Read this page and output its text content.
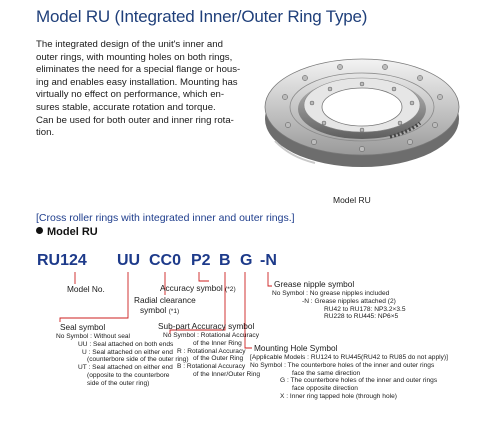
Model RU (Integrated Inner/Outer Ring Type)

The integrated design of the unit's inner and

outer rings, with mounting holes on both rings,

eliminates the need for a special flange or hous-

ing and enables easy installation. Mounting has

virtually no effect on performance, which en-

sures stable, accurate rotation and torque.

Can be used for both outer and inner ring rota-

tion.

Model RU
[Cross roller rings with integrated inner and outer rings.]
Model RU
RU124 UU CC0 P2 B G -N
Model No.	Accuracy symbol (*2)
Radial clearance
symbol (*1)
Seal symbol
No Symbol : Without seal
UU : Seal attached on both ends
U : Seal attached on either end
(counterbore side of the outer ring)
UT : Seal attached on either end
(opposite to the counterbore
side of the outer ring)
Sub-part Accuracy symbol
No Symbol : Rotational Accuracy
of the Inner Ring
R : Rotational Accuracy
of the Outer Ring
B : Rotational Accuracy
of the Inner/Outer Ring
Grease nipple symbol
No Symbol : No grease nipples included
-N : Grease nipples attached (2)
RU42 to RU178: NP3.2×3.5
RU228 to RU445: NP6×5
Mounting Hole Symbol
[Applicable Models : RU124 to RU445(RU42 to RU85 do not apply)]
No Symbol : The counterbore holes of the inner and outer rings
face the same direction
G : The counterbore holes of the inner and outer rings
face opposite direction
X : Inner ring tapped hole (through hole)
